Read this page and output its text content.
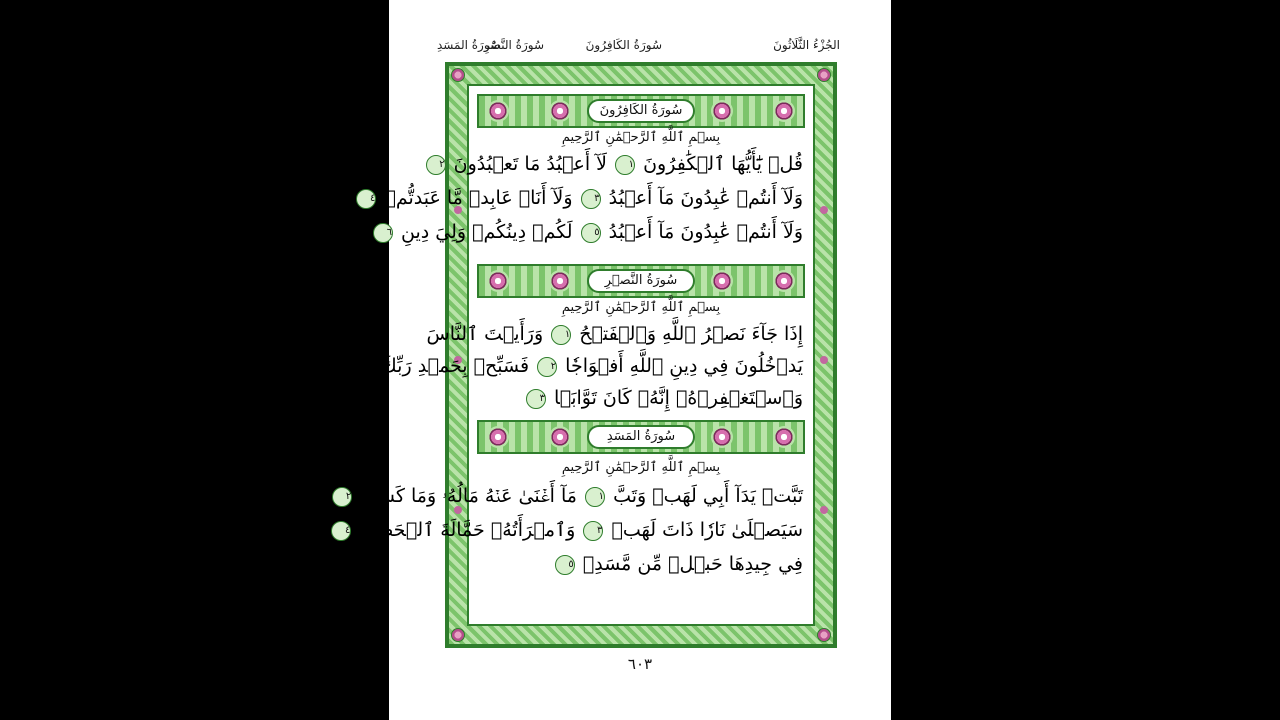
الجُزْءُ الثَّلَاثُونَ
سُورَةُ الكَافِرُونَ
سُورَةُ النَّصْرِ
سُورَةُ المَسَدِ
سُورَةُ الكَافِرُونَ
بِسۡمِ ٱللَّهِ ٱلرَّحۡمَٰنِ ٱلرَّحِيمِ
قُلۡ يَٰٓأَيُّهَا ٱلۡكَٰفِرُونَ ١ لَآ أَعۡبُدُ مَا تَعۡبُدُونَ ٢
وَلَآ أَنتُمۡ عَٰبِدُونَ مَآ أَعۡبُدُ ٣ وَلَآ أَنَا۠ عَابِدٞ مَّا عَبَدتُّمۡ ٤
وَلَآ أَنتُمۡ عَٰبِدُونَ مَآ أَعۡبُدُ ٥ لَكُمۡ دِينُكُمۡ وَلِيَ دِينِ ٦
سُورَةُ النَّصۡرِ
بِسۡمِ ٱللَّهِ ٱلرَّحۡمَٰنِ ٱلرَّحِيمِ
إِذَا جَآءَ نَصۡرُ ٱللَّهِ وَٱلۡفَتۡحُ ١ وَرَأَيۡتَ ٱلنَّاسَ
يَدۡخُلُونَ فِي دِينِ ٱللَّهِ أَفۡوَاجٗا ٢ فَسَبِّحۡ بِحَمۡدِ رَبِّكَ
وَٱسۡتَغۡفِرۡهُۚ إِنَّهُۥ كَانَ تَوَّابَۢا ٣
سُورَةُ المَسَدِ
بِسۡمِ ٱللَّهِ ٱلرَّحۡمَٰنِ ٱلرَّحِيمِ
تَبَّتۡ يَدَآ أَبِي لَهَبٖ وَتَبَّ ١ مَآ أَغۡنَىٰ عَنۡهُ مَالُهُۥ وَمَا كَسَبَ ٢
سَيَصۡلَىٰ نَارٗا ذَاتَ لَهَبٖ ٣ وَٱمۡرَأَتُهُۥ حَمَّالَةَ ٱلۡحَطَبِ ٤
فِي جِيدِهَا حَبۡلٞ مِّن مَّسَدِۭ ٥
٦٠٣
